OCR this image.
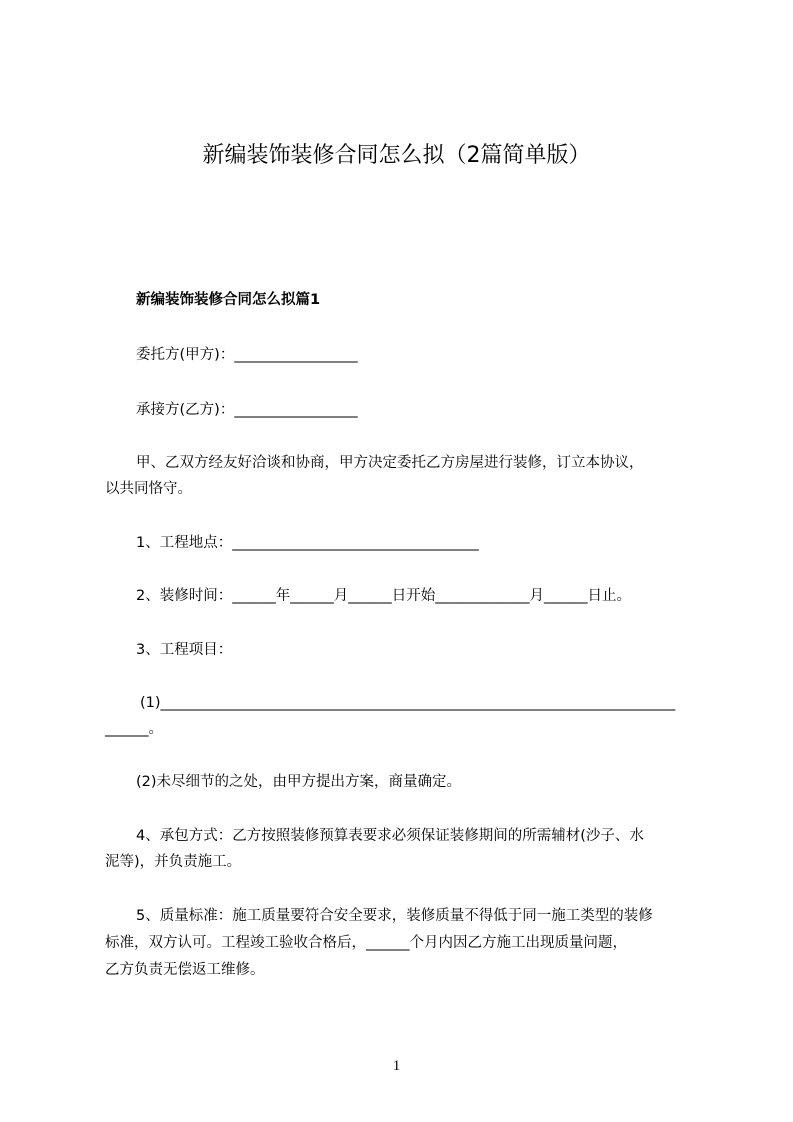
新编装饰装修合同怎么拟（2篇简单版）
新编装饰装修合同怎么拟篇1
委托方(甲方)：_________________
承接方(乙方)：_________________
甲、乙双方经友好洽谈和协商，甲方决定委托乙方房屋进行装修，订立本协议，
以共同恪守。
1、工程地点：__________________________________
2、装修时间：______年______月______日开始_____________月______日止。
3、工程项目：
(1)_______________________________________________________________________
______。
(2)未尽细节的之处，由甲方提出方案，商量确定。
4、承包方式：乙方按照装修预算表要求必须保证装修期间的所需辅材(沙子、水
泥等)，并负责施工。
5、质量标准：施工质量要符合安全要求，装修质量不得低于同一施工类型的装修
标准，双方认可。工程竣工验收合格后，______个月内因乙方施工出现质量问题，
乙方负责无偿返工维修。
1
